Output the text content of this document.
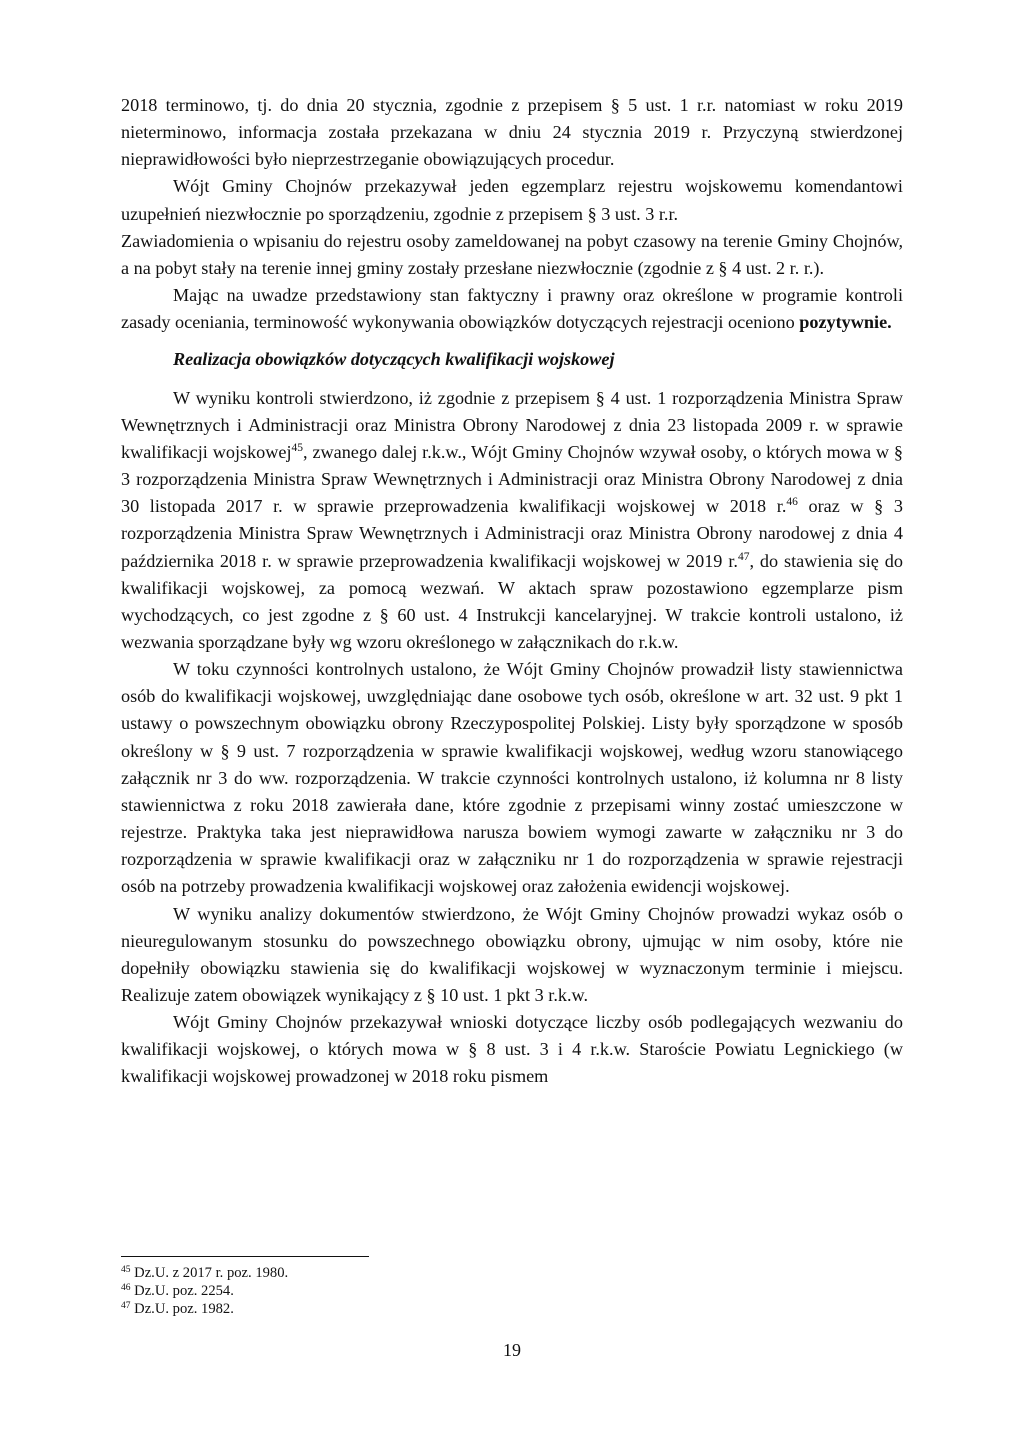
2018 terminowo, tj. do dnia 20 stycznia, zgodnie z przepisem § 5 ust. 1 r.r. natomiast w roku 2019 nieterminowo, informacja została przekazana w dniu 24 stycznia 2019 r. Przyczyną stwierdzonej nieprawidłowości było nieprzestrzeganie obowiązujących procedur.

Wójt Gminy Chojnów przekazywał jeden egzemplarz rejestru wojskowemu komendantowi uzupełnień niezwłocznie po sporządzeniu, zgodnie z przepisem § 3 ust. 3 r.r.

Zawiadomienia o wpisaniu do rejestru osoby zameldowanej na pobyt czasowy na terenie Gminy Chojnów, a na pobyt stały na terenie innej gminy zostały przesłane niezwłocznie (zgodnie z § 4 ust. 2 r. r.).

Mając na uwadze przedstawiony stan faktyczny i prawny oraz określone w programie kontroli zasady oceniania, terminowość wykonywania obowiązków dotyczących rejestracji oceniono pozytywnie.

Realizacja obowiązków dotyczących kwalifikacji wojskowej

W wyniku kontroli stwierdzono, iż zgodnie z przepisem § 4 ust. 1 rozporządzenia Ministra Spraw Wewnętrznych i Administracji oraz Ministra Obrony Narodowej z dnia 23 listopada 2009 r. w sprawie kwalifikacji wojskowej$^{45}$, zwanego dalej r.k.w., Wójt Gminy Chojnów wzywał osoby, o których mowa w § 3 rozporządzenia Ministra Spraw Wewnętrznych i Administracji oraz Ministra Obrony Narodowej z dnia 30 listopada 2017 r. w sprawie przeprowadzenia kwalifikacji wojskowej w 2018 r.$^{46}$ oraz w § 3 rozporządzenia Ministra Spraw Wewnętrznych i Administracji oraz Ministra Obrony narodowej z dnia 4 października 2018 r. w sprawie przeprowadzenia kwalifikacji wojskowej w 2019 r.$^{47}$, do stawienia się do kwalifikacji wojskowej, za pomocą wezwań. W aktach spraw pozostawiono egzemplarze pism wychodzących, co jest zgodne z § 60 ust. 4 Instrukcji kancelaryjnej. W trakcie kontroli ustalono, iż wezwania sporządzane były wg wzoru określonego w załącznikach do r.k.w.

W toku czynności kontrolnych ustalono, że Wójt Gminy Chojnów prowadził listy stawiennictwa osób do kwalifikacji wojskowej, uwzględniając dane osobowe tych osób, określone w art. 32 ust. 9 pkt 1 ustawy o powszechnym obowiązku obrony Rzeczypospolitej Polskiej. Listy były sporządzone w sposób określony w § 9 ust. 7 rozporządzenia w sprawie kwalifikacji wojskowej, według wzoru stanowiącego załącznik nr 3 do ww. rozporządzenia. W trakcie czynności kontrolnych ustalono, iż kolumna nr 8 listy stawiennictwa z roku 2018 zawierała dane, które zgodnie z przepisami winny zostać umieszczone w rejestrze. Praktyka taka jest nieprawidłowa narusza bowiem wymogi zawarte w załączniku nr 3 do rozporządzenia w sprawie kwalifikacji oraz w załączniku nr 1 do rozporządzenia w sprawie rejestracji osób na potrzeby prowadzenia kwalifikacji wojskowej oraz założenia ewidencji wojskowej.

W wyniku analizy dokumentów stwierdzono, że Wójt Gminy Chojnów prowadzi wykaz osób o nieuregulowanym stosunku do powszechnego obowiązku obrony, ujmując w nim osoby, które nie dopełniły obowiązku stawienia się do kwalifikacji wojskowej w wyznaczonym terminie i miejscu. Realizuje zatem obowiązek wynikający z § 10 ust. 1 pkt 3 r.k.w.

Wójt Gminy Chojnów przekazywał wnioski dotyczące liczby osób podlegających wezwaniu do kwalifikacji wojskowej, o których mowa w § 8 ust. 3 i 4 r.k.w. Staroście Powiatu Legnickiego (w kwalifikacji wojskowej prowadzonej w 2018 roku pismem

$^{45}$ Dz.U. z 2017 r. poz. 1980.

$^{46}$ Dz.U. poz. 2254.

$^{47}$ Dz.U. poz. 1982.

19
